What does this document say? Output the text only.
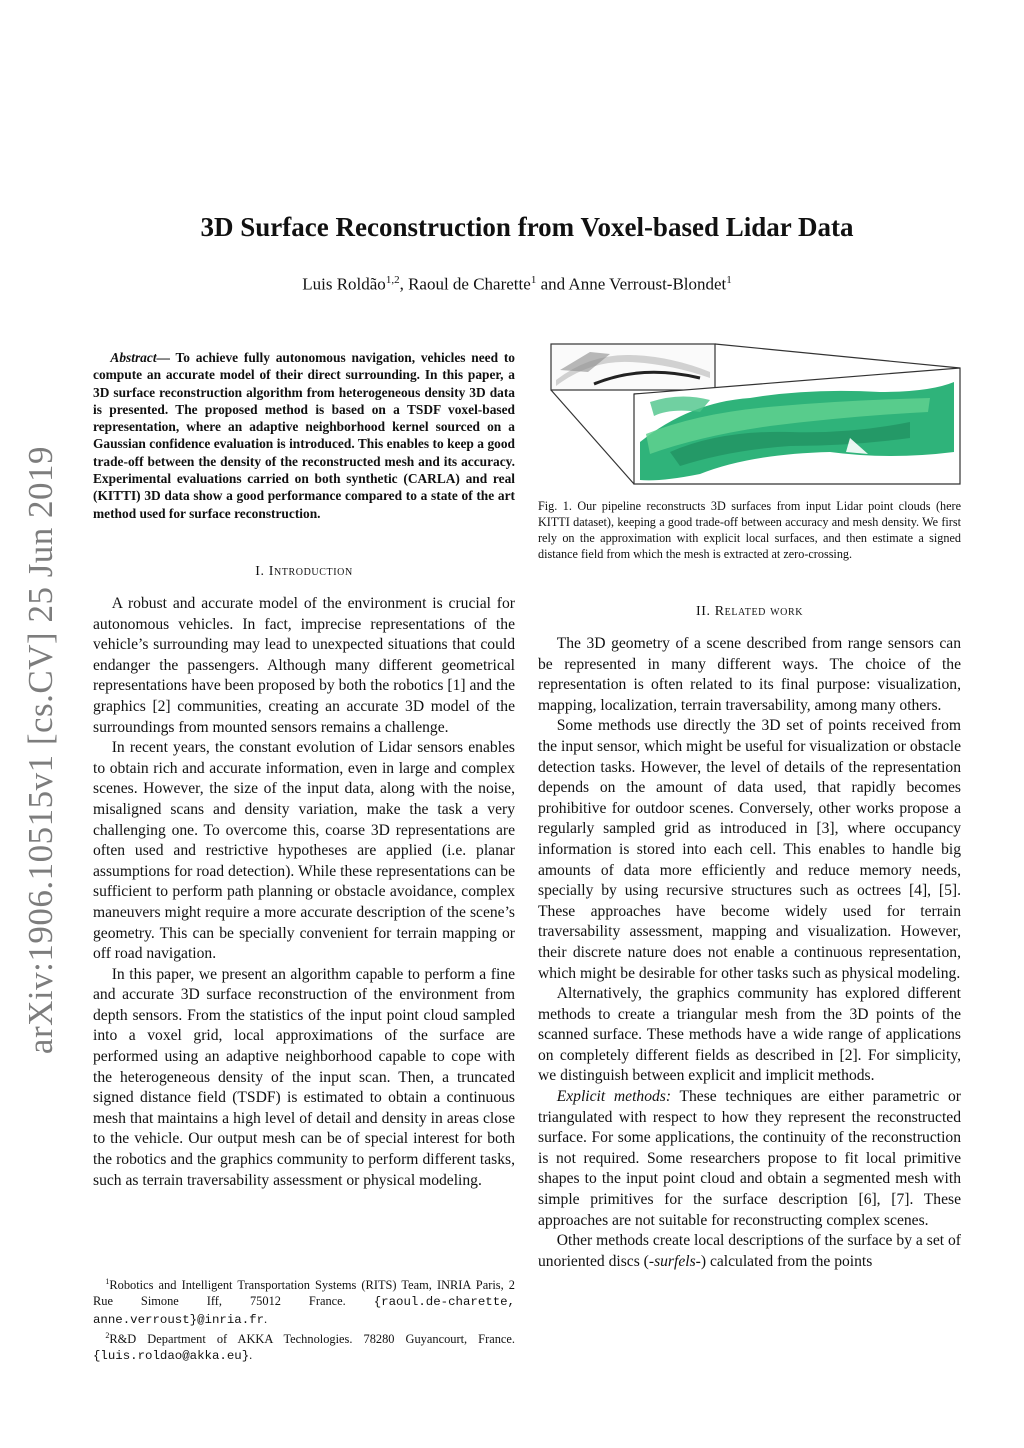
arXiv:1906.10515v1 [cs.CV] 25 Jun 2019
3D Surface Reconstruction from Voxel-based Lidar Data
Luis Roldão$^{1,2}$, Raoul de Charette$^1$ and Anne Verroust-Blondet$^1$

Abstract— To achieve fully autonomous navigation, vehicles need to compute an accurate model of their direct surrounding. In this paper, a 3D surface reconstruction algorithm from heterogeneous density 3D data is presented. The proposed method is based on a TSDF voxel-based representation, where an adaptive neighborhood kernel sourced on a Gaussian confidence evaluation is introduced. This enables to keep a good trade-off between the density of the reconstructed mesh and its accuracy. Experimental evaluations carried on both synthetic (CARLA) and real (KITTI) 3D data show a good performance compared to a state of the art method used for surface reconstruction.

I. Introduction

A robust and accurate model of the environment is crucial for autonomous vehicles. In fact, imprecise representations of the vehicle’s surrounding may lead to unexpected situations that could endanger the passengers. Although many different geometrical representations have been proposed by both the robotics [1] and the graphics [2] communities, creating an accurate 3D model of the surroundings from mounted sensors remains a challenge.

In recent years, the constant evolution of Lidar sensors enables to obtain rich and accurate information, even in large and complex scenes. However, the size of the input data, along with the noise, misaligned scans and density variation, make the task a very challenging one. To overcome this, coarse 3D representations are often used and restrictive hypotheses are applied (i.e. planar assumptions for road detection). While these representations can be sufficient to perform path planning or obstacle avoidance, complex maneuvers might require a more accurate description of the scene’s geometry. This can be specially convenient for terrain mapping or off road navigation.

In this paper, we present an algorithm capable to perform a fine and accurate 3D surface reconstruction of the environment from depth sensors. From the statistics of the input point cloud sampled into a voxel grid, local approximations of the surface are performed using an adaptive neighborhood capable to cope with the heterogeneous density of the input scan. Then, a truncated signed distance field (TSDF) is estimated to obtain a continuous mesh that maintains a high level of detail and density in areas close to the vehicle. Our output mesh can be of special interest for both the robotics and the graphics community to perform different tasks, such as terrain traversability assessment or physical modeling.

$^1$Robotics and Intelligent Transportation Systems (RITS) Team, INRIA Paris, 2 Rue Simone Iff, 75012 France. {raoul.de-charette, anne.verroust}@inria.fr.

$^2$R&D Department of AKKA Technologies. 78280 Guyancourt, France. {luis.roldao@akka.eu}.

Fig. 1. Our pipeline reconstructs 3D surfaces from input Lidar point clouds (here KITTI dataset), keeping a good trade-off between accuracy and mesh density. We first rely on the approximation with explicit local surfaces, and then estimate a signed distance field from which the mesh is extracted at zero-crossing.

II. Related work

The 3D geometry of a scene described from range sensors can be represented in many different ways. The choice of the representation is often related to its final purpose: visualization, mapping, localization, terrain traversability, among many others.

Some methods use directly the 3D set of points received from the input sensor, which might be useful for visualization or obstacle detection tasks. However, the level of details of the representation depends on the amount of data used, that rapidly becomes prohibitive for outdoor scenes. Conversely, other works propose a regularly sampled grid as introduced in [3], where occupancy information is stored into each cell. This enables to handle big amounts of data more efficiently and reduce memory needs, specially by using recursive structures such as octrees [4], [5]. These approaches have become widely used for terrain traversability assessment, mapping and visualization. However, their discrete nature does not enable a continuous representation, which might be desirable for other tasks such as physical modeling.

Alternatively, the graphics community has explored different methods to create a triangular mesh from the 3D points of the scanned surface. These methods have a wide range of applications on completely different fields as described in [2]. For simplicity, we distinguish between explicit and implicit methods.

Explicit methods: These techniques are either parametric or triangulated with respect to how they represent the reconstructed surface. For some applications, the continuity of the reconstruction is not required. Some researchers propose to fit local primitive shapes to the input point cloud and obtain a segmented mesh with simple primitives for the surface description [6], [7]. These approaches are not suitable for reconstructing complex scenes.

Other methods create local descriptions of the surface by a set of unoriented discs (-surfels-) calculated from the points
